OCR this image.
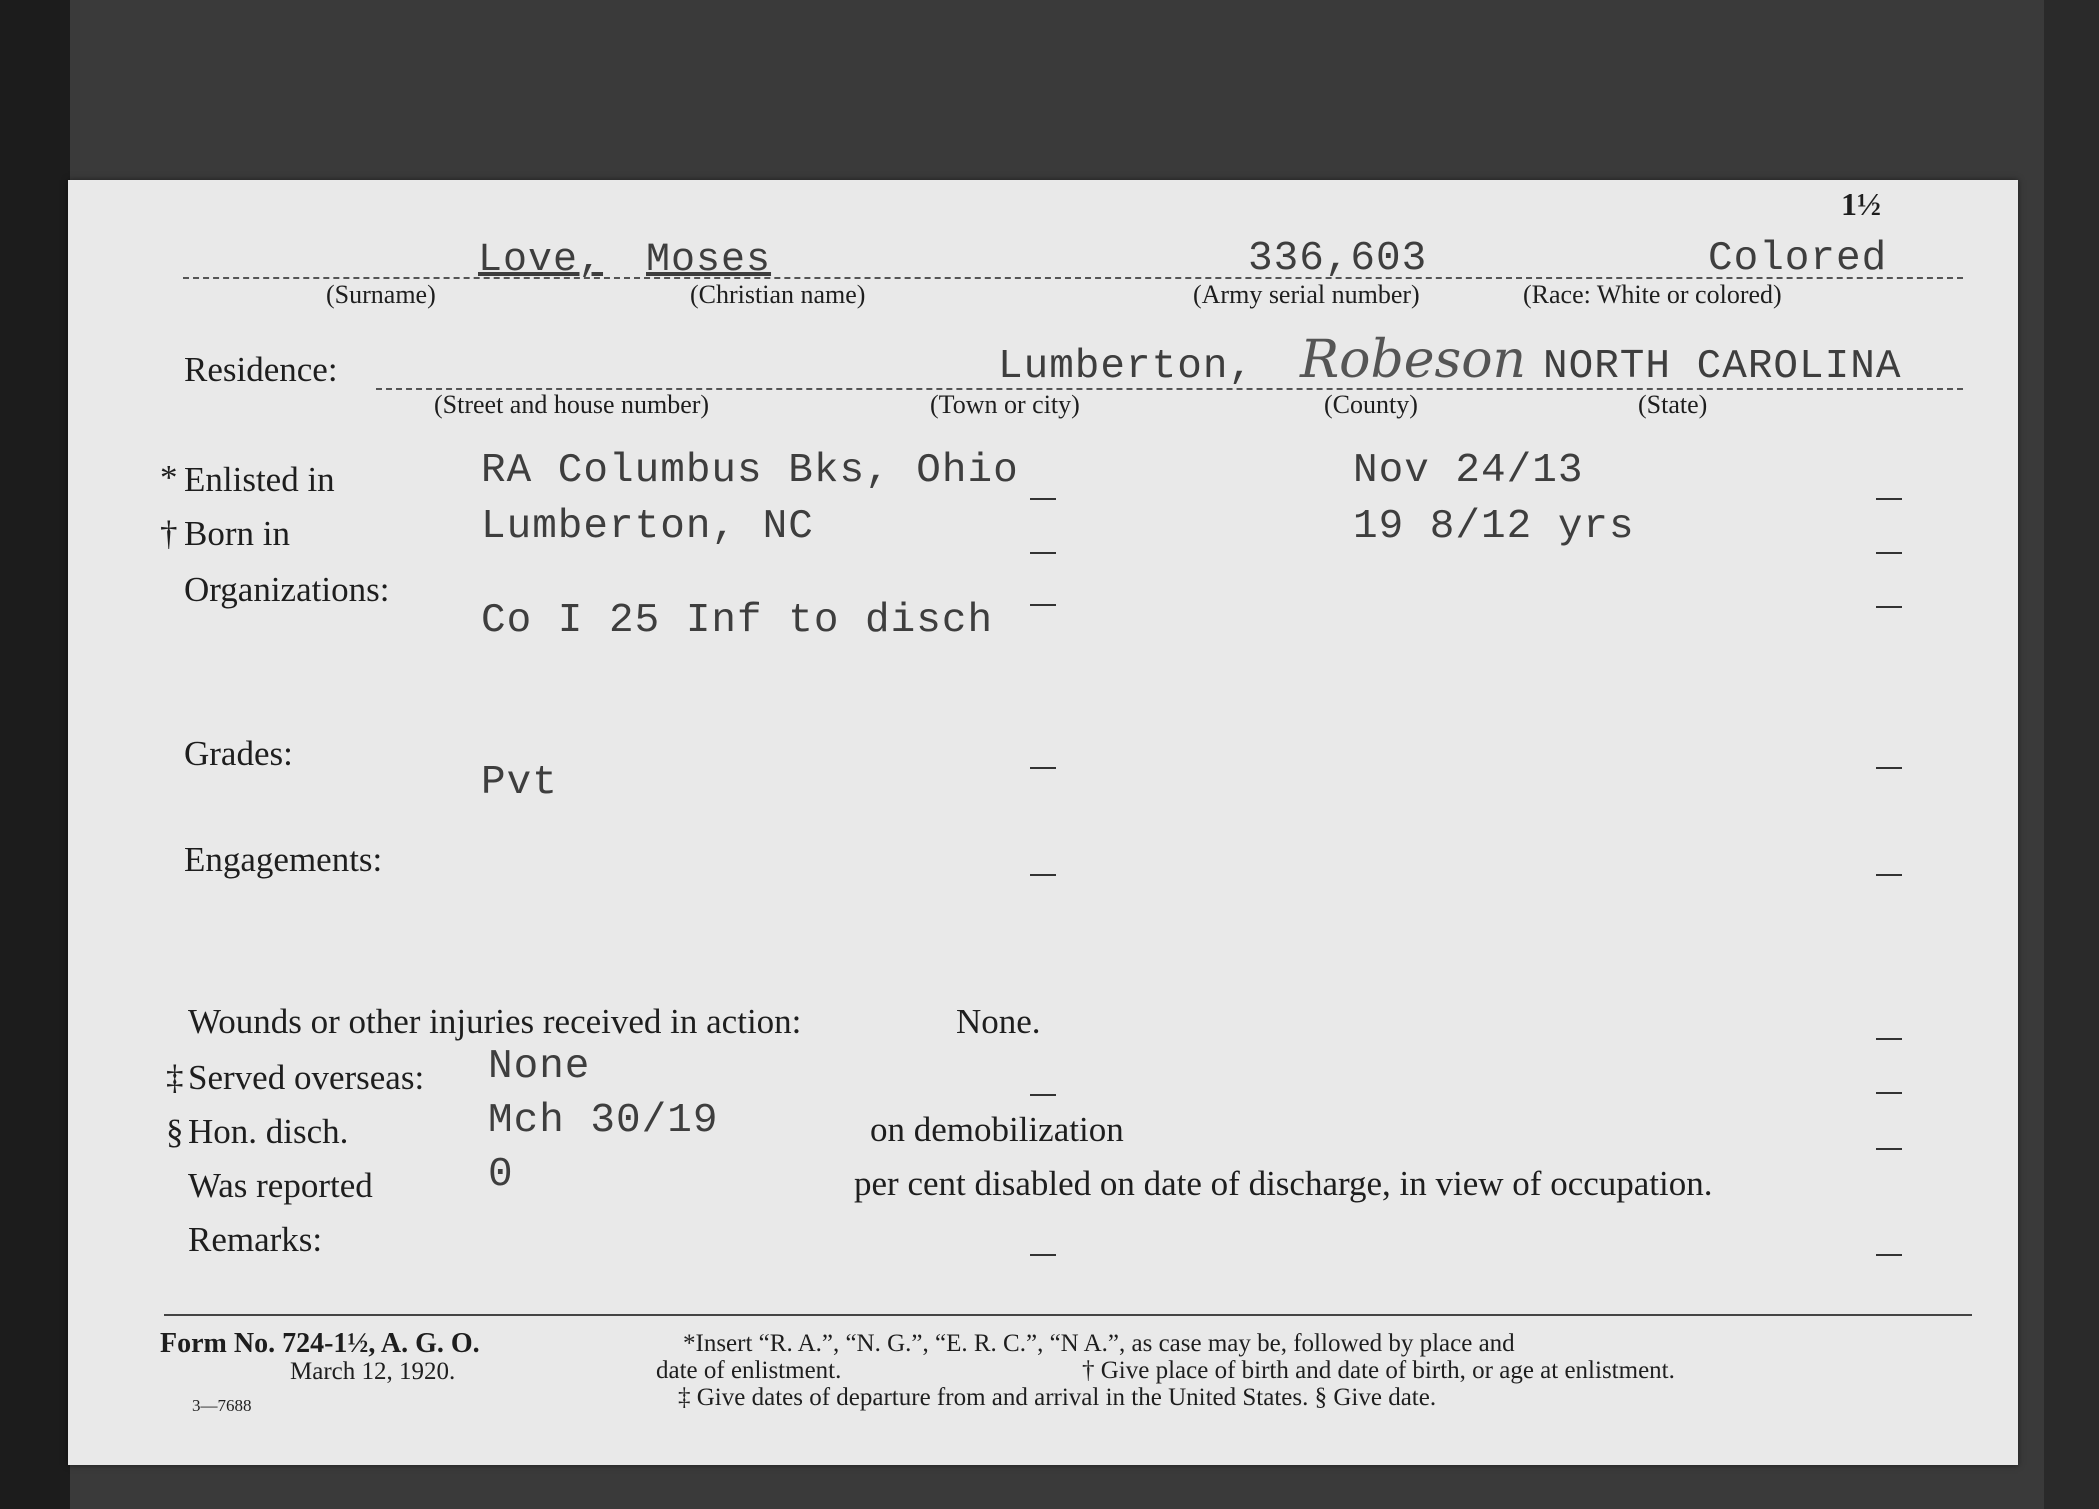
1½
Love, Moses	336,603	Colored
(Surname)	(Christian name)	(Army serial number)	(Race: White or colored)
Residence:	Lumberton, Robeson NORTH CAROLINA
(Street and house number)	(Town or city)	(County)	(State)
* Enlisted in	RA Columbus Bks, Ohio	Nov 24/13
† Born in	Lumberton, NC	19 8/12 yrs
Organizations:
Co I 25 Inf to disch
Grades:
Pvt
Engagements:
Wounds or other injuries received in action:	None.
‡ Served overseas: None
§ Hon. disch.	Mch 30/19	on demobilization
Was reported	0	per cent disabled on date of discharge, in view of occupation.
Remarks:
Form No. 724-1½, A. G. O.
March 12, 1920.
3—7688
*Insert “R. A.”, “N. G.”, “E. R. C.”, “N A.”, as case may be, followed by place and
date of enlistment.	† Give place of birth and date of birth, or age at enlistment.
‡ Give dates of departure from and arrival in the United States. § Give date.
